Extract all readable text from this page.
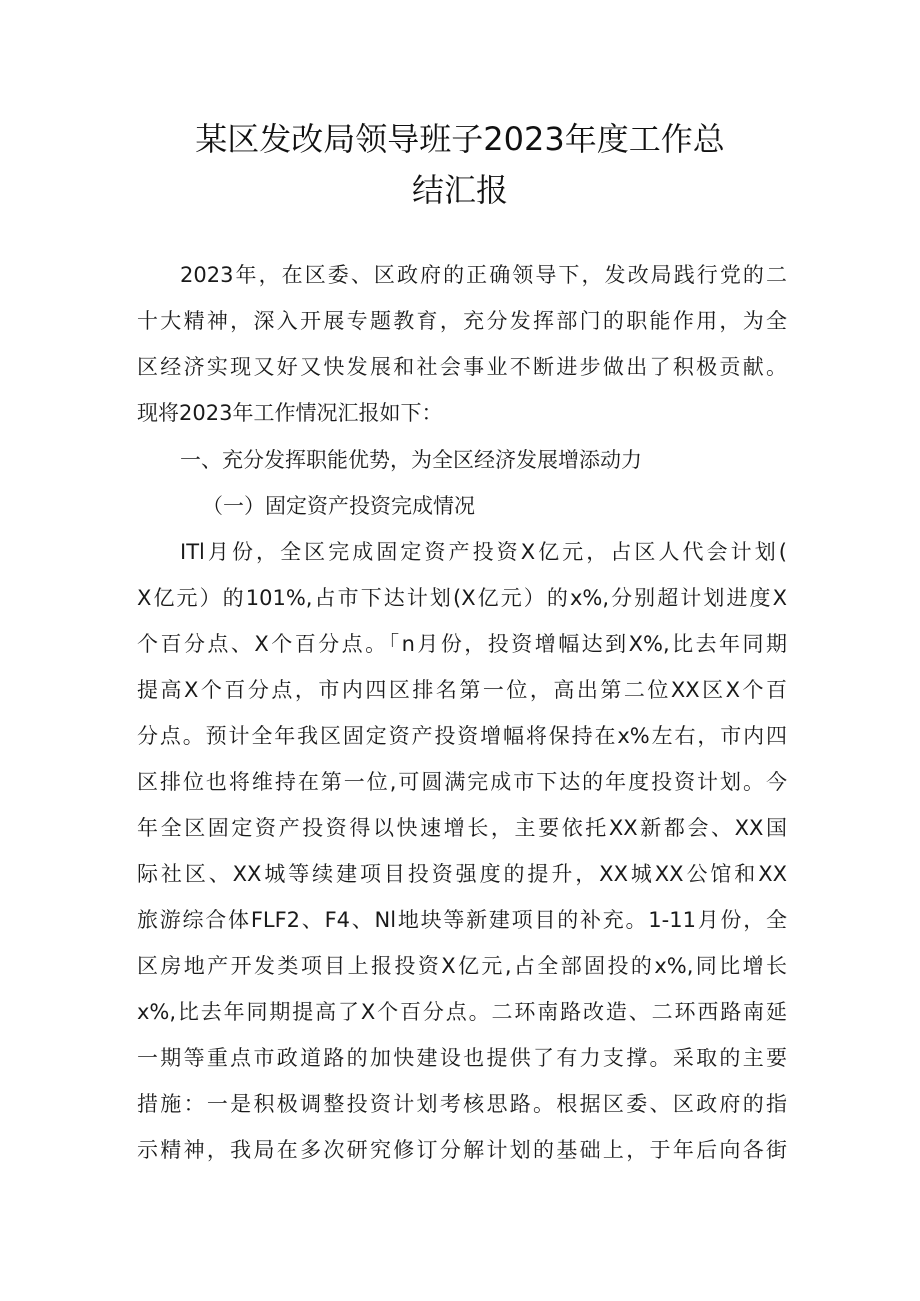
某区发改局领导班子2023年度工作总
结汇报
2023年，在区委、区政府的正确领导下，发改局践行党的二
十大精神，深入开展专题教育，充分发挥部门的职能作用，为全
区经济实现又好又快发展和社会事业不断进步做出了积极贡献。
现将2023年工作情况汇报如下：
一、充分发挥职能优势，为全区经济发展增添动力
（一）固定资产投资完成情况
ITl月份，全区完成固定资产投资X亿元，占区人代会计划(
X亿元）的101%,占市下达计划(X亿元）的x%,分别超计划进度X
个百分点、X个百分点。「n月份，投资增幅达到X%,比去年同期
提高X个百分点，市内四区排名第一位，高出第二位XX区X个百
分点。预计全年我区固定资产投资增幅将保持在x%左右，市内四
区排位也将维持在第一位,可圆满完成市下达的年度投资计划。今
年全区固定资产投资得以快速增长，主要依托XX新都会、XX国
际社区、XX城等续建项目投资强度的提升，XX城XX公馆和XX
旅游综合体FLF2、F4、Nl地块等新建项目的补充。1-11月份，全
区房地产开发类项目上报投资X亿元,占全部固投的x%,同比增长
x%,比去年同期提高了X个百分点。二环南路改造、二环西路南延
一期等重点市政道路的加快建设也提供了有力支撑。采取的主要
措施：一是积极调整投资计划考核思路。根据区委、区政府的指
示精神，我局在多次研究修订分解计划的基础上，于年后向各街
